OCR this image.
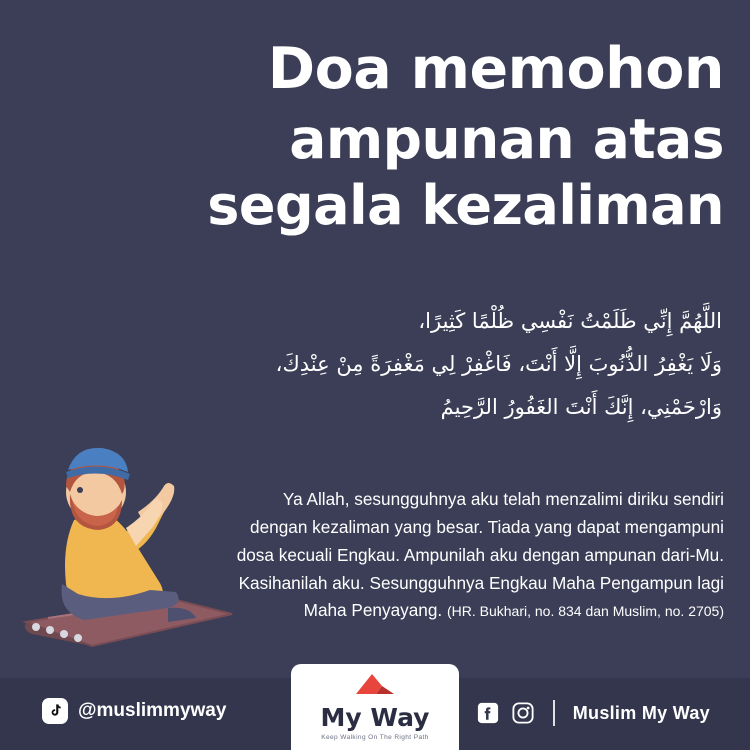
Doa memohon
ampunan atas
segala kezaliman
اللَّهُمَّ إِنِّي ظَلَمْتُ نَفْسِي ظُلْمًا كَثِيرًا،
وَلَا يَغْفِرُ الذُّنُوبَ إِلَّا أَنْتَ، فَاغْفِرْ لِي مَغْفِرَةً مِنْ عِنْدِكَ،
وَارْحَمْنِي، إِنَّكَ أَنْتَ الغَفُورُ الرَّحِيمُ
Ya Allah, sesungguhnya aku telah menzalimi diriku sendiri dengan kezaliman yang besar. Tiada yang dapat mengampuni dosa kecuali Engkau. Ampunilah aku dengan ampunan dari-Mu. Kasihanilah aku. Sesungguhnya Engkau Maha Pengampun lagi Maha Penyayang. (HR. Bukhari, no. 834 dan Muslim, no. 2705)
@muslimmyway	Muslim My Way
My Way
Keep Walking On The Right Path
